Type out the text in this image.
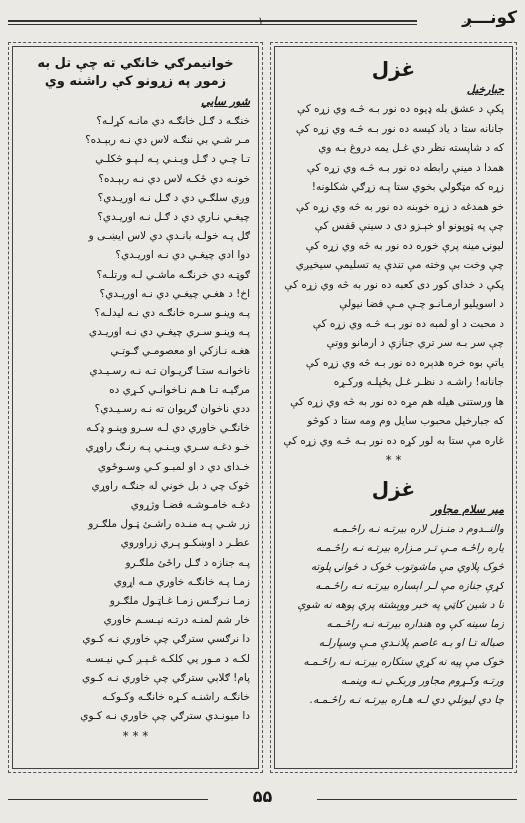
کونـــږ
۱
غزل
جبارخیل
پکې د عشق بله ډیوه ده نور بـه څـه وي زړه کې
جانانه ستا د یاد کیسه ده نور بـه څـه وي زړه کې
که د شاپسته نظر دي غـل یمه دروغ بـه وي
همدا د مینې رابطه ده نور بـه څـه وي زړه کې
زړه که مټګولي بخوي ستا پـه زړګي شکلونه!
خو همدغه د زړه خوبنه ده نور به څه وي زړه کې
چې په ټوپونو او خېـزو دی د سینې قفس کې
لیونۍ مینه پرې خوره ده نور به څه وي زړه کې
چې وخت بې وخته مې تندې یه تسلیمې سیخیږي
پکې د خدای کور دی کعبه ده نور به څه وي زړه کې
د اسویلیو ارمـانـو چـې مـې فضا نیولې
د محبت د او لمبه ده نور بـه څـه وي زړه کې
چې سر بـه سر تري جنازې د ارمانو ووتې
یاتې بوه خره هدېره ده نور بـه څه وي زړه کې
جانانه! راشـه د نظـر غـل یځپلـه ورکـړه
ها ورستنی هیله هم مړه ده نور به څه وي زړه کې
که جبارخیل محبوب سایل وم ومه ستا د کوڅو
غاره مې ستا به لور کړه ده نور بـه څـه وي زړه کې
* *
غزل
میر سلام مجاور
والنــدوم د منـزل لاره بیرتـه نـه راځـمـه
یاره راځـه مـې تـر مـزاره بیرتـه نـه راځـمـه
څوک پلاوي مې ماشوتوب څوک د څوانۍ پلوته
کړې جنازه مې لـر اېساره بیرتـه نـه راځـمـه
تا د شین کاټي په خبر ووېشته پري پوهه نه شوې
زما سینه کې وه هنداره بیرتـه نـه راځـمـه
صباله تـا او بـه عاصم پلانـدې مـې وسپارلـه
خوک مې پیه نه کړي ستکاره بیرتـه نـه راځـمـه
ورتـه وکـړوم مجاور وربکـي نـه وینمـه
چا دي لیونلي دي لـه هـاره بیرتـه نـه راځـمـه.
خوانیمرګي خانګي ته چې تل به زموږ په زړونو کې راشنه وي
شور سایي
خنګـه د ګـل خانګـه دي مانـه کړلـه؟
مـر شـي بي ننګـه لاس دي نـه ربېـده؟
تـا چـي د ګـل ویـنـي پـه لـپـو څکلـي
خونـه دي ځکـه لاس دي نـه ربېـده؟
وږي سلګـي دي د ګـل نـه اوریـدي؟
چیغـي نـاري دي د ګـل نـه اوریـدي؟
ګل پـه خولـه بانـدې دي لاس ایښـی و
دوا ادي چیغـي دي نـه اوریـدي؟
ګوټـه دي خرنګـه ماشـي لـه ورتلـه؟
اخ! د هغـي چیغـي دي نـه اوریـدي؟
پـه وینـو سـره خانګـه دي نـه لیدلـه؟
پـه وینـو سـري چیغـي دي نـه اوریـدي
هغـه نـازکي او معصومـي ګـوتـي
ناخوانـه ستـا ګریـوان تـه نـه رسـیـدي
مرګیـه تـا هـم نـاخوانـي کـړي ده
ددي ناخوان ګریوان ته نـه رسـیـدي؟
خانګـي خاوري دي لـه سـرو وینـو ډکـه
خـو دغـه سـري ویـنـي پـه رنـګ راوړي
خـدای دي د او لمبـو کـي وسـوځوي
څوک چي د بل خوني له جنګـه راوړي
دغـه خامـوشـه فضـا وژړوي
زر شـي پـه منـده راشـئ ټـول ملګـرو
عطـر د اوښکـو پـري زراوروي
پـه جنازه د ګـل راځئ ملګـرو
زمـا پـه خانګـه خاوري مـه اړوي
زمـا نـرګـس زمـا غـاټـول ملګـرو
خار شم لمنـه درتـه نیـسـم خاوري
دا نرګسي سترګي چې خاوري نـه کـوي
لکـه د مـور یي کلکـه غـېـږ کـي نیـسـه
پام! ګلابي سترګي چې خاوري نـه کـوي
خانګـه راشنـه کـړه خانګـه وکـوکـه
دا میونـدي سترګي چې خاوري نـه کـوي
* * *
۵۵
